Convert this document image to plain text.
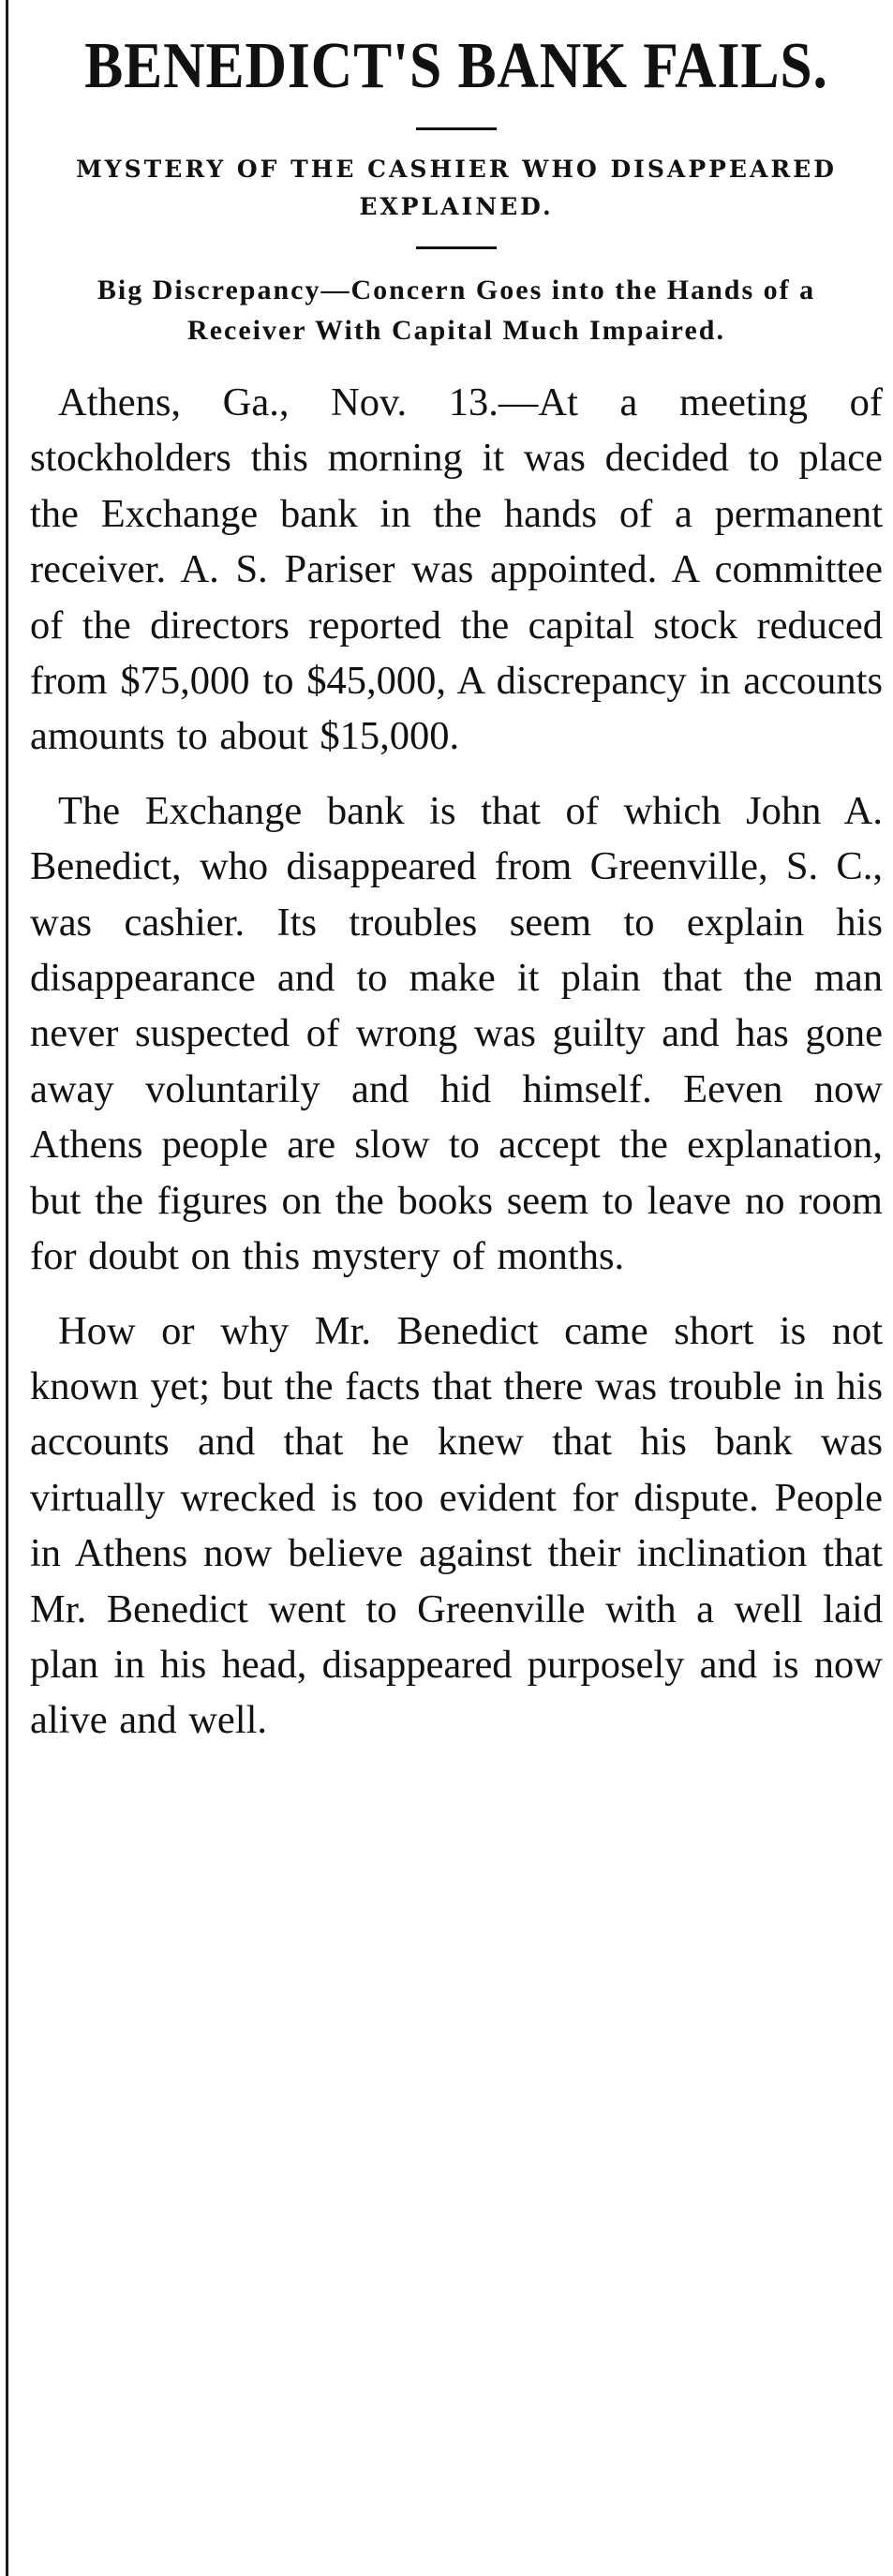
BENEDICT'S BANK FAILS.
MYSTERY OF THE CASHIER WHO DISAPPEARED EXPLAINED.
Big Discrepancy—Concern Goes into the Hands of a Receiver With Capital Much Impaired.

Athens, Ga., Nov. 13.—At a meeting of stockholders this morning it was decided to place the Exchange bank in the hands of a permanent receiver. A. S. Pariser was appointed. A committee of the directors reported the capital stock reduced from $75,000 to $45,000, A discrepancy in accounts amounts to about $15,000.

The Exchange bank is that of which John A. Benedict, who disappeared from Greenville, S. C., was cashier. Its troubles seem to explain his disappearance and to make it plain that the man never suspected of wrong was guilty and has gone away voluntarily and hid himself. Eeven now Athens people are slow to accept the explanation, but the figures on the books seem to leave no room for doubt on this mystery of months.

How or why Mr. Benedict came short is not known yet; but the facts that there was trouble in his accounts and that he knew that his bank was virtually wrecked is too evident for dispute. People in Athens now believe against their inclination that Mr. Benedict went to Greenville with a well laid plan in his head, disappeared purposely and is now alive and well.
